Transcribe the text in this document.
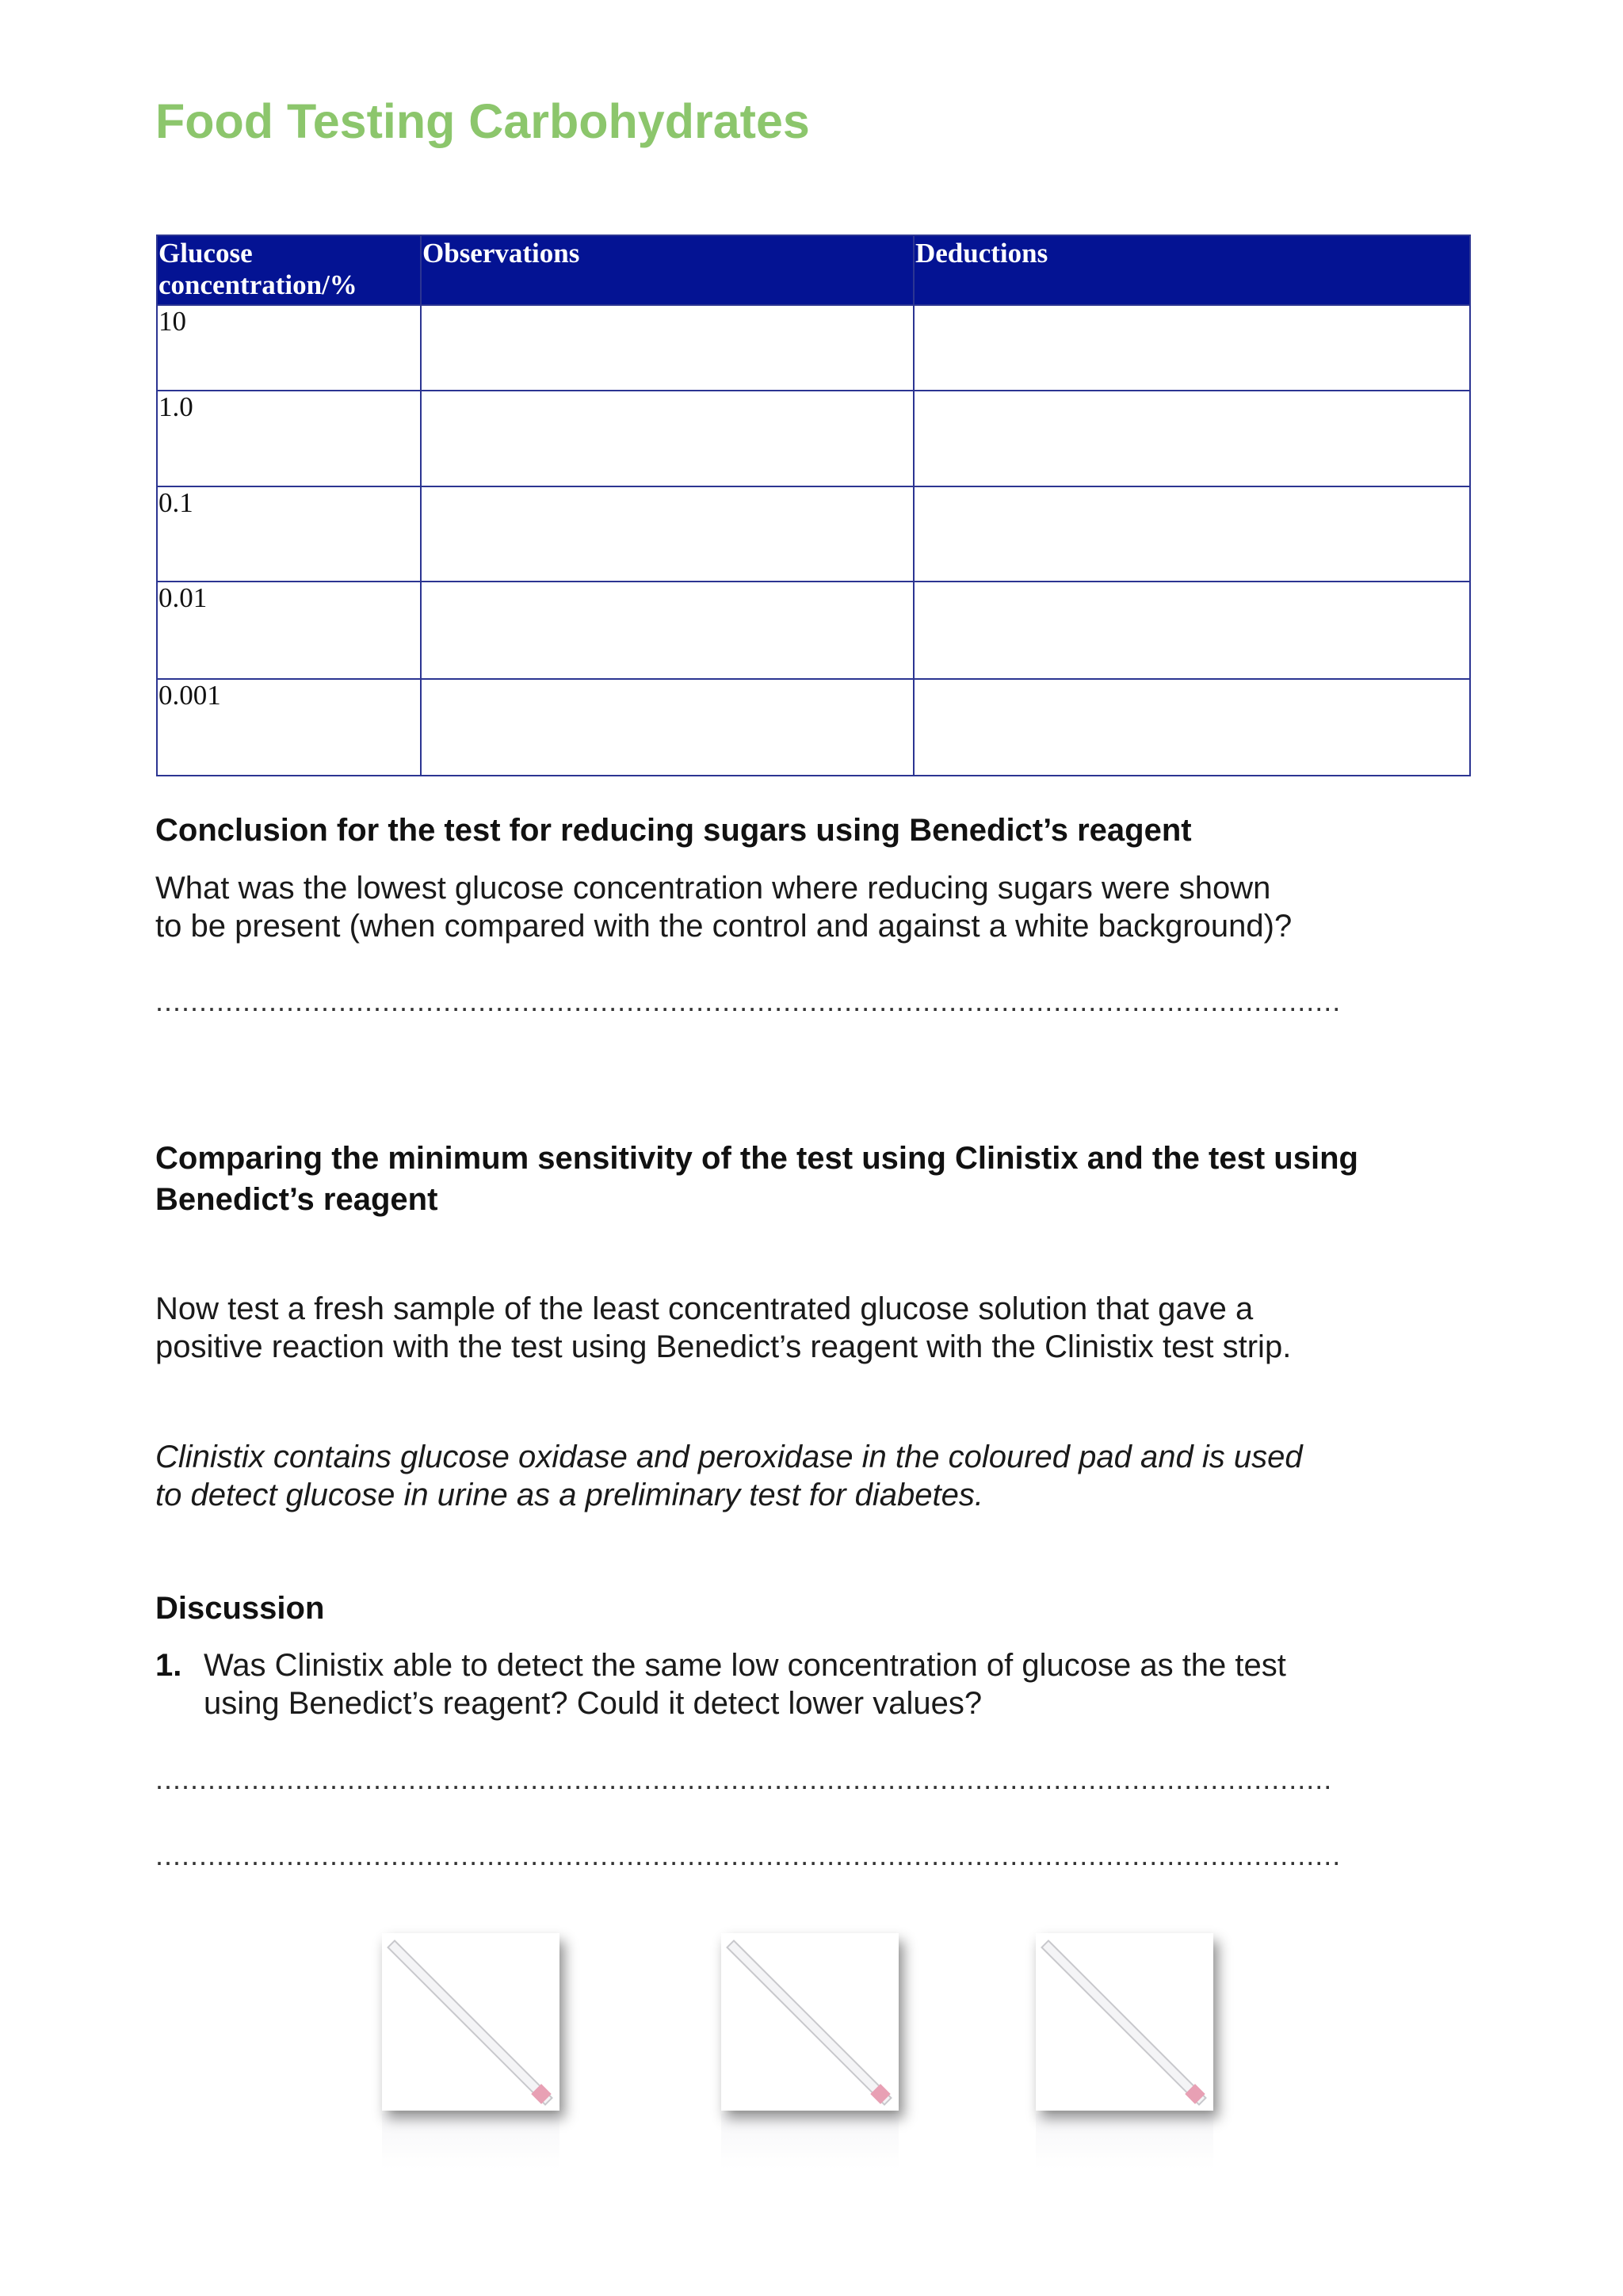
Food Testing Carbohydrates
Glucose
concentration/%	Observations	Deductions
10		
1.0		
0.1		
0.01		
0.001		
Conclusion for the test for reducing sugars using Benedict’s reagent
What was the lowest glucose concentration where reducing sugars were shown
to be present (when compared with the control and against a white background)?
........................................................................................................................................
Comparing the minimum sensitivity of the test using Clinistix and the test using
Benedict’s reagent
Now test a fresh sample of the least concentrated glucose solution that gave a
positive reaction with the test using Benedict’s reagent with the Clinistix test strip.
Clinistix contains glucose oxidase and peroxidase in the coloured pad and is used
to detect glucose in urine as a preliminary test for diabetes.
Discussion
1. Was Clinistix able to detect the same low concentration of glucose as the test
using Benedict’s reagent? Could it detect lower values?
.......................................................................................................................................
........................................................................................................................................
